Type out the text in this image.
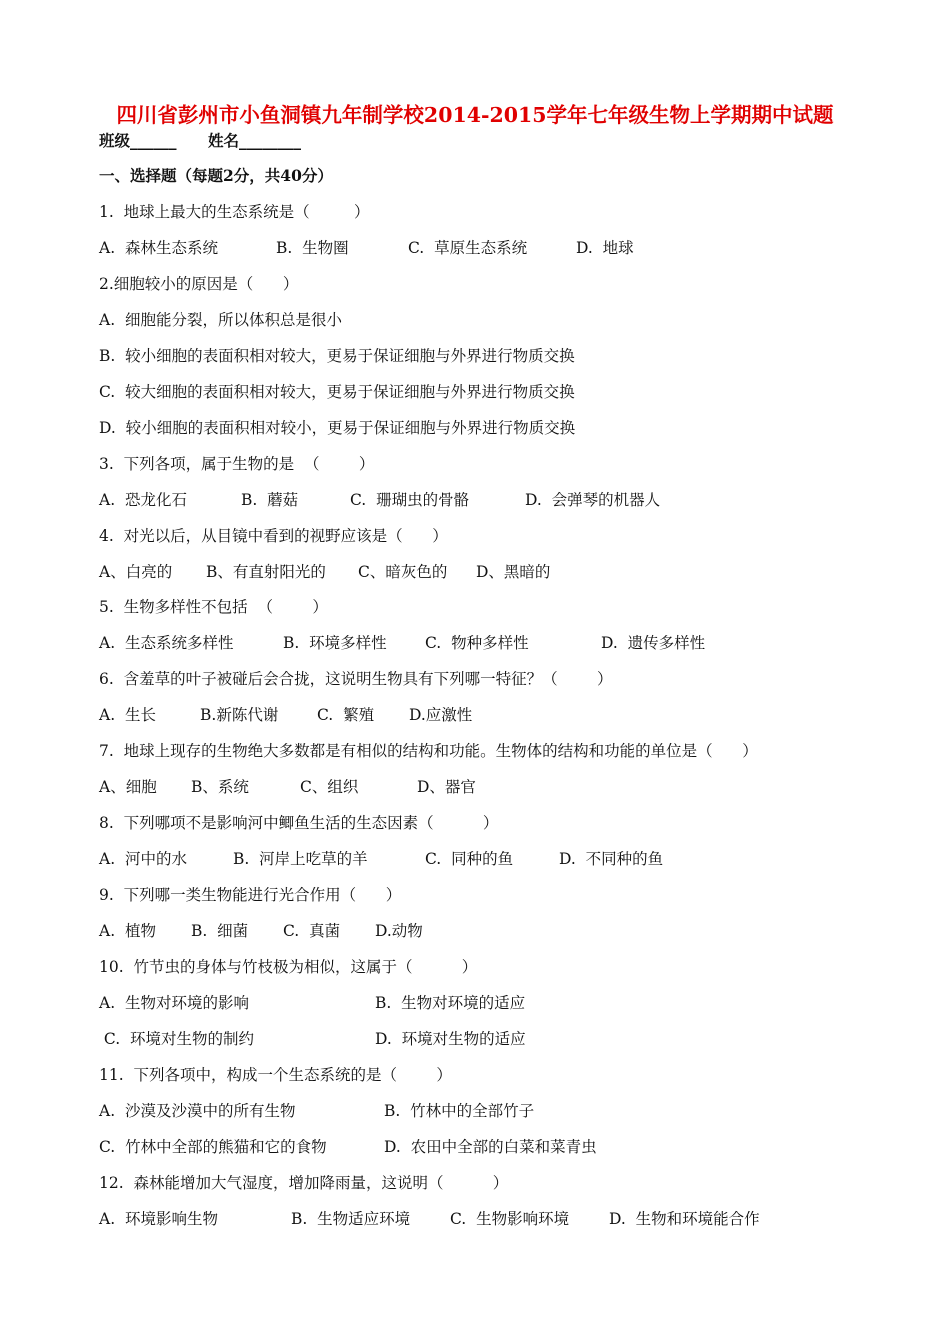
四川省彭州市小鱼洞镇九年制学校2014-2015学年七年级生物上学期期中试题
班级______ 姓名________
一、选择题（每题2分，共40分）
1.  地球上最大的生态系统是（         ）
A.  森林生态系统	B.  生物圈	C.  草原生态系统	D.  地球
2.细胞较小的原因是（      ）
A.  细胞能分裂，所以体积总是很小
B.  较小细胞的表面积相对较大，更易于保证细胞与外界进行物质交换
C.  较大细胞的表面积相对较大，更易于保证细胞与外界进行物质交换
D.  较小细胞的表面积相对较小，更易于保证细胞与外界进行物质交换
3.  下列各项，属于生物的是  （        ）
A.  恐龙化石	B.  蘑菇	C.  珊瑚虫的骨骼	D.  会弹琴的机器人
4.  对光以后，从目镜中看到的视野应该是（      ）
A、白亮的 B、有直射阳光的 C、暗灰色的 D、黑暗的
5.  生物多样性不包括  （        ）
A.  生态系统多样性	B.  环境多样性 C.  物种多样性	D.  遗传多样性
6.  含羞草的叶子被碰后会合拢，这说明生物具有下列哪一特征？（        ）
A.  生长	B.新陈代谢 C.  繁殖 D.应激性
7.  地球上现存的生物绝大多数都是有相似的结构和功能。生物体的结构和功能的单位是（      ）
A、细胞 B、系统	C、组织	D、器官
8.  下列哪项不是影响河中鲫鱼生活的生态因素（          ）
A.  河中的水	B.  河岸上吃草的羊	C.  同种的鱼	D.  不同种的鱼
9.  下列哪一类生物能进行光合作用（      ）
A.  植物 B.  细菌 C.  真菌 D.动物
10.  竹节虫的身体与竹枝极为相似，这属于（          ）
A.  生物对环境的影响	B.  生物对环境的适应
C.  环境对生物的制约	D.  环境对生物的适应
11.  下列各项中，构成一个生态系统的是（        ）
A.  沙漠及沙漠中的所有生物	B.  竹林中的全部竹子
C.  竹林中全部的熊猫和它的食物	D.  农田中全部的白菜和菜青虫
12.  森林能增加大气湿度，增加降雨量，这说明（          ）
A.  环境影响生物	B.  生物适应环境	C.  生物影响环境	D.  生物和环境能合作
